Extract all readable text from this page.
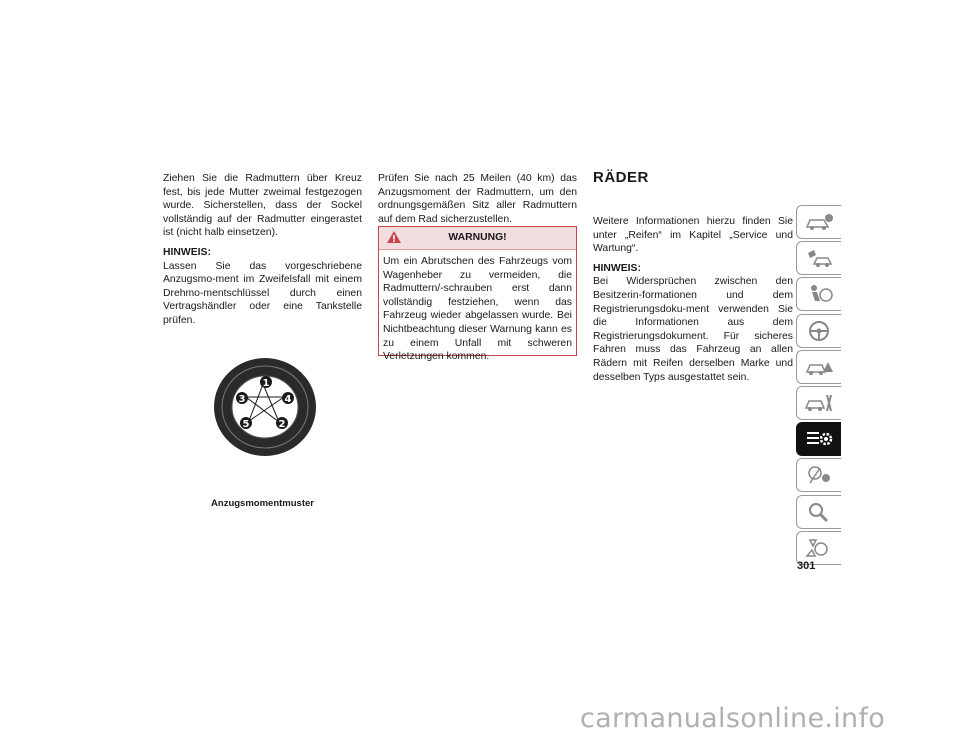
Ziehen Sie die Radmuttern über Kreuz fest, bis jede Mutter zweimal festgezogen wurde. Sicherstellen, dass der Sockel vollständig auf der Radmutter eingerastet ist (nicht halb einsetzen).

HINWEIS:
Lassen Sie das vorgeschriebene Anzugsmo-ment im Zweifelsfall mit einem Drehmo-mentschlüssel durch einen Vertragshändler oder eine Tankstelle prüfen.

1
2
3	4
5
Anzugsmomentmuster

Prüfen Sie nach 25 Meilen (40 km) das Anzugsmoment der Radmuttern, um den ordnungsgemäßen Sitz aller Radmuttern auf dem Rad sicherzustellen.

WARNUNG!
Um ein Abrutschen des Fahrzeugs vom Wagenheber zu vermeiden, die Radmuttern/-schrauben erst dann vollständig festziehen, wenn das Fahrzeug wieder abgelassen wurde. Bei Nichtbeachtung dieser Warnung kann es zu einem Unfall mit schweren Verletzungen kommen.
RÄDER

Weitere Informationen hierzu finden Sie unter „Reifen“ im Kapitel „Service und Wartung“.

HINWEIS:
Bei Widersprüchen zwischen den Besitzerin-formationen und dem Registrierungsdoku-ment verwenden Sie die Informationen aus dem Registrierungsdokument. Für sicheres Fahren muss das Fahrzeug an allen Rädern mit Reifen derselben Marke und desselben Typs ausgestattet sein.

301
carmanualsonline.info
